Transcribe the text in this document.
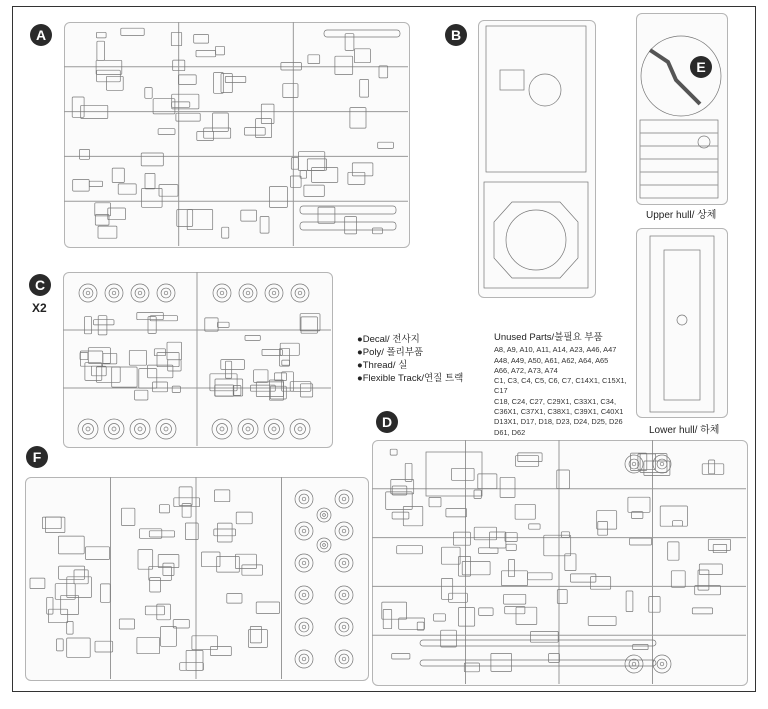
A	B
E
C
X2
D
F
Upper hull/ 상체
Lower hull/ 하체
●Decal/ 전사지
●Poly/ 폴리부품
●Thread/ 실
●Flexible Track/연질 트랙
Unused Parts/불필요 부품
A8, A9, A10, A11, A14, A23, A46, A47
A48, A49, A50, A61, A62, A64, A65
A66, A72, A73, A74
C1, C3, C4, C5, C6, C7, C14X1, C15X1, C17
C18, C24, C27, C29X1, C33X1, C34,
C36X1, C37X1, C38X1, C39X1, C40X1
D13X1, D17, D18, D23, D24, D25, D26
D61, D62
